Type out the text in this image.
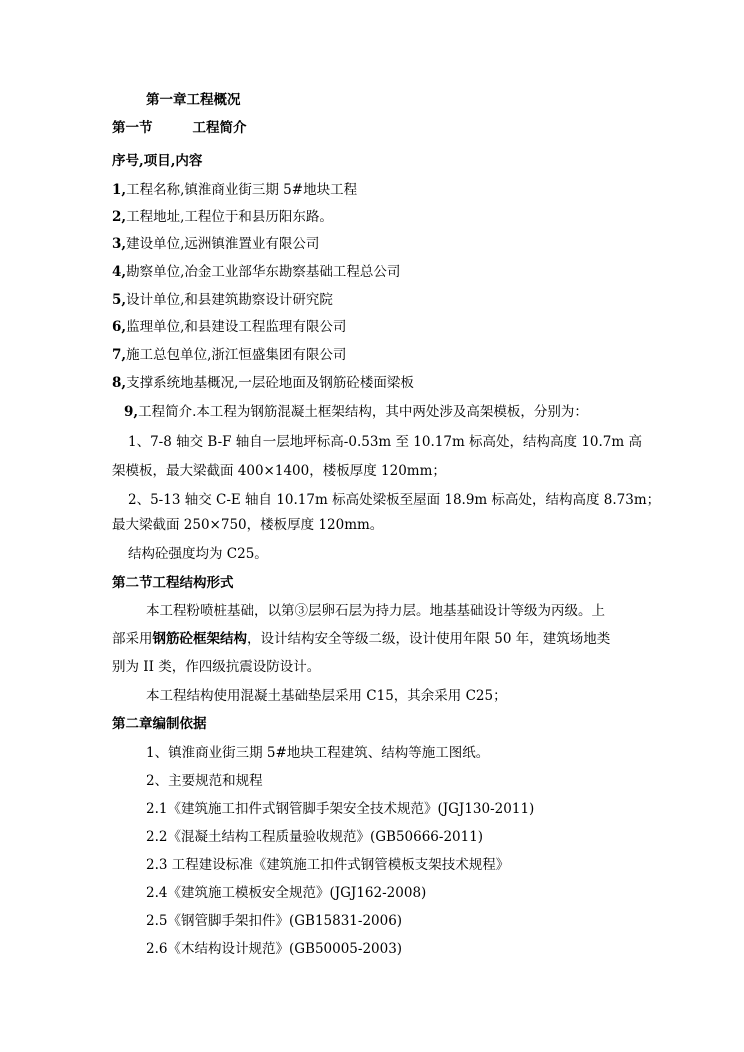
第一章工程概况
第一节	工程简介
序号,项目,内容
1,工程名称,镇淮商业街三期 5#地块工程
2,工程地址,工程位于和县历阳东路。
3,建设单位,远洲镇淮置业有限公司
4,勘察单位,冶金工业部华东勘察基础工程总公司
5,设计单位,和县建筑勘察设计研究院
6,监理单位,和县建设工程监理有限公司
7,施工总包单位,浙江恒盛集团有限公司
8,支撑系统地基概况,一层砼地面及钢筋砼楼面梁板
9,工程简介.本工程为钢筋混凝土框架结构，其中两处涉及高架模板，分别为：
1、7-8 轴交 B-F 轴自一层地坪标高-0.53m 至 10.17m 标高处，结构高度 10.7m 高
架模板，最大梁截面 400×1400，楼板厚度 120mm；
2、5-13 轴交 C-E 轴自 10.17m 标高处梁板至屋面 18.9m 标高处，结构高度 8.73m；
最大梁截面 250×750，楼板厚度 120mm。
结构砼强度均为 C25。
第二节工程结构形式
本工程粉喷桩基础，以第③层卵石层为持力层。地基基础设计等级为丙级。上
部采用钢筋砼框架结构，设计结构安全等级二级，设计使用年限 50 年，建筑场地类
别为 II 类，作四级抗震设防设计。
本工程结构使用混凝土基础垫层采用 C15，其余采用 C25；
第二章编制依据
1、镇淮商业街三期 5#地块工程建筑、结构等施工图纸。
2、主要规范和规程
2.1《建筑施工扣件式钢管脚手架安全技术规范》(JGJ130-2011)
2.2《混凝土结构工程质量验收规范》(GB50666-2011)
2.3 工程建设标准《建筑施工扣件式钢管模板支架技术规程》
2.4《建筑施工模板安全规范》(JGJ162-2008)
2.5《钢管脚手架扣件》(GB15831-2006)
2.6《木结构设计规范》(GB50005-2003)
